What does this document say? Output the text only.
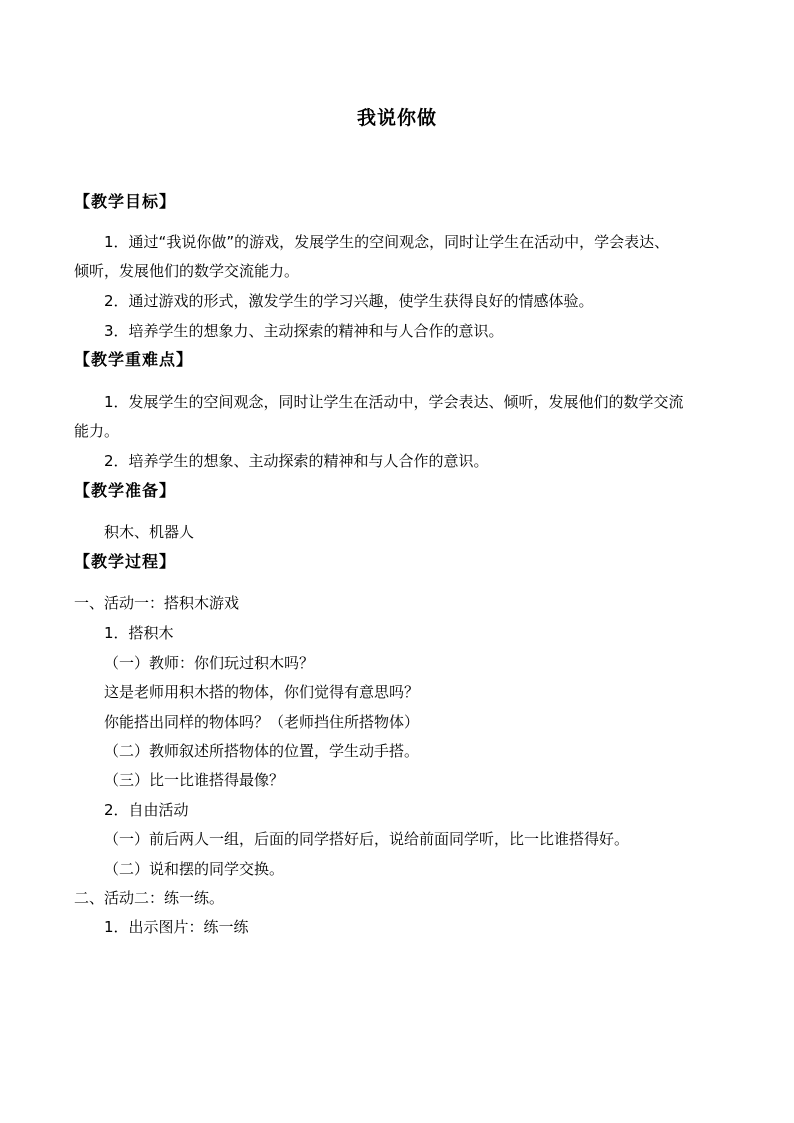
我说你做
【教学目标】
1．通过“我说你做”的游戏，发展学生的空间观念，同时让学生在活动中，学会表达、
倾听，发展他们的数学交流能力。
2．通过游戏的形式，激发学生的学习兴趣，使学生获得良好的情感体验。
3．培养学生的想象力、主动探索的精神和与人合作的意识。
【教学重难点】
1．发展学生的空间观念，同时让学生在活动中，学会表达、倾听，发展他们的数学交流
能力。
2．培养学生的想象、主动探索的精神和与人合作的意识。
【教学准备】
积木、机器人
【教学过程】
一、活动一：搭积木游戏
1．搭积木
（一）教师：你们玩过积木吗？
这是老师用积木搭的物体，你们觉得有意思吗？
你能搭出同样的物体吗？（老师挡住所搭物体）
（二）教师叙述所搭物体的位置，学生动手搭。
（三）比一比谁搭得最像？
2．自由活动
（一）前后两人一组，后面的同学搭好后，说给前面同学听，比一比谁搭得好。
（二）说和摆的同学交换。
二、活动二：练一练。
1．出示图片：练一练
